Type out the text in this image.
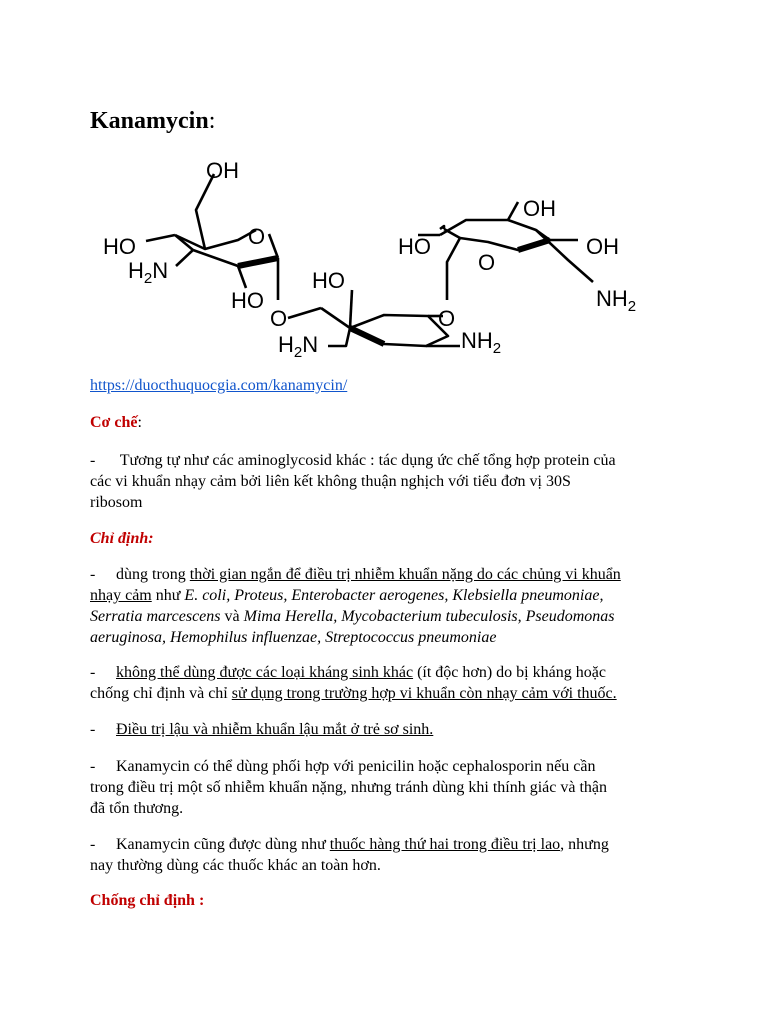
Kanamycin:
OH
HO	O
$H_2N$
HO
O
HO
$H_2N$
O
$NH_2$
HO
O
OH
OH
$NH_2$
https://duocthuquocgia.com/kanamycin/

Cơ chế:

- Tương tự như các aminoglycosid khác : tác dụng ức chế tổng hợp protein của
các vi khuẩn nhạy cảm bởi liên kết không thuận nghịch với tiểu đơn vị 30S
ribosom

Chỉ định:

- dùng trong thời gian ngắn để điều trị nhiễm khuẩn nặng do các chủng vi khuẩn
nhạy cảm như E. coli, Proteus, Enterobacter aerogenes, Klebsiella pneumoniae,
Serratia marcescens và Mima Herella, Mycobacterium tubeculosis, Pseudomonas
aeruginosa, Hemophilus influenzae, Streptococcus pneumoniae

- không thể dùng được các loại kháng sinh khác (ít độc hơn) do bị kháng hoặc
chống chỉ định và chỉ sử dụng trong trường hợp vi khuẩn còn nhạy cảm với thuốc.

- Điều trị lậu và nhiễm khuẩn lậu mắt ở trẻ sơ sinh.

- Kanamycin có thể dùng phối hợp với penicilin hoặc cephalosporin nếu cần
trong điều trị một số nhiễm khuẩn nặng, nhưng tránh dùng khi thính giác và thận
đã tổn thương.

- Kanamycin cũng được dùng như thuốc hàng thứ hai trong điều trị lao, nhưng
nay thường dùng các thuốc khác an toàn hơn.

Chống chỉ định :
